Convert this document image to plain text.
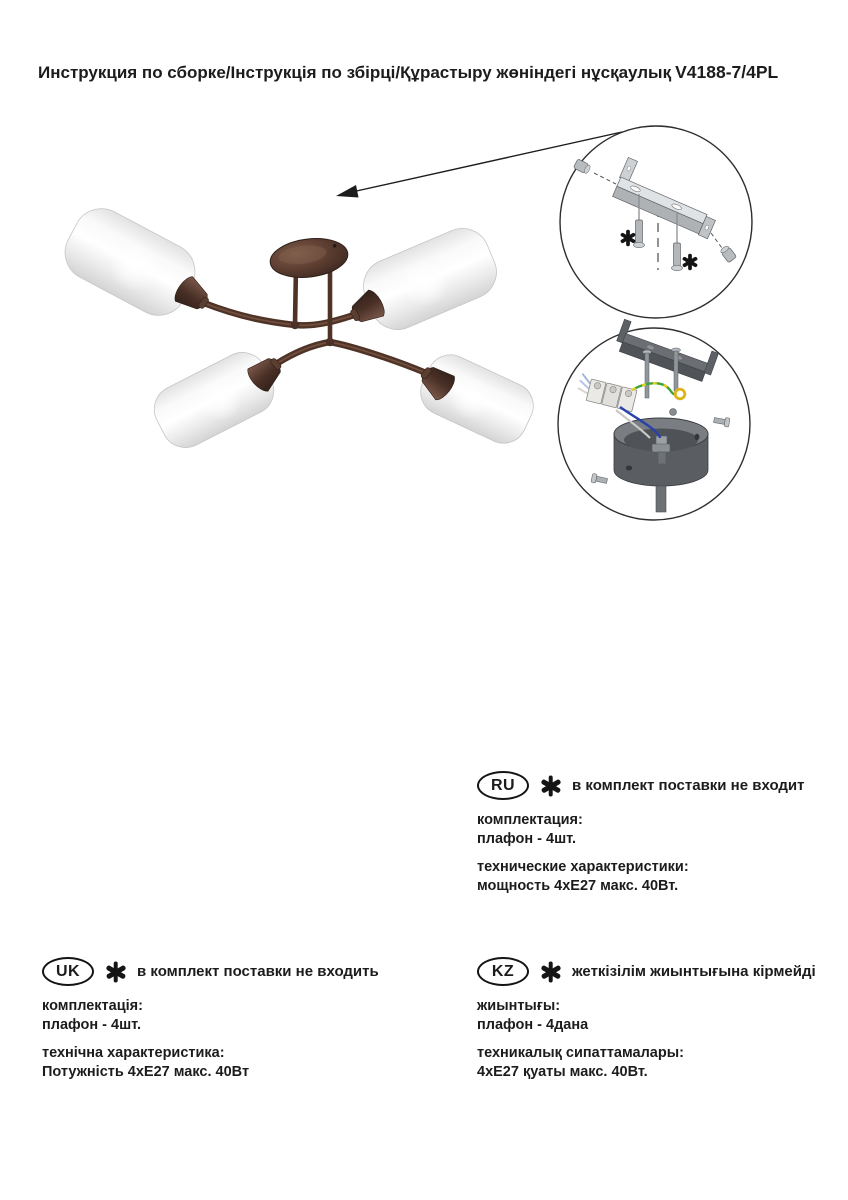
Инструкция по сборке/Інструкція по збірці/Құрастыру жөніндегі нұсқаулық V4188-7/4PL
RU	в комплект поставки не входит

комплектация:

плафон - 4шт.

технические характеристики:

мощность 4хЕ27 макс. 40Вт.

UK	в комплект поставки не входить

комплектація:

плафон - 4шт.

технічна характеристика:

Потужність 4хЕ27 макс. 40Вт

KZ	жеткізілім жиынтығына кірмейді

жиынтығы:

плафон - 4дана

техникалық сипаттамалары:

4хЕ27 қуаты макс. 40Вт.
